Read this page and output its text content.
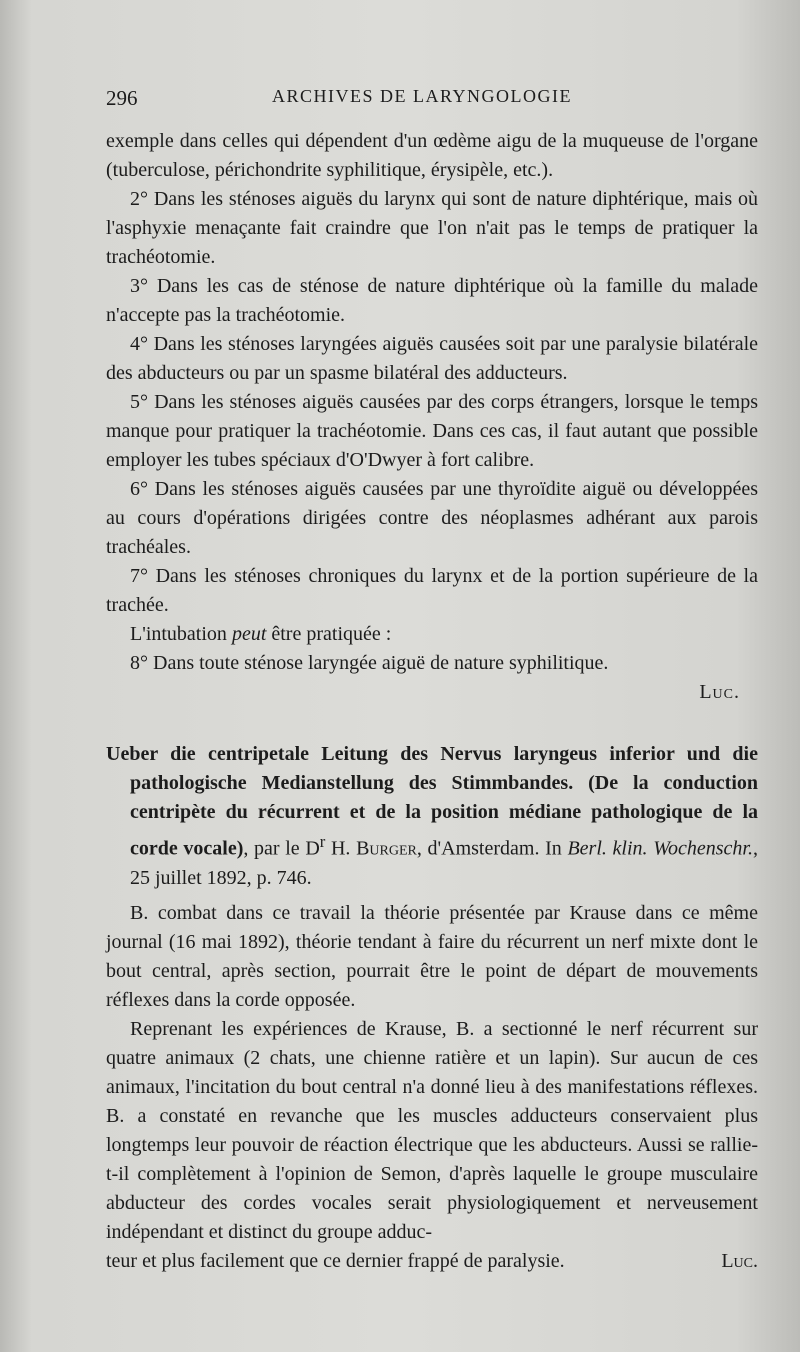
296	ARCHIVES DE LARYNGOLOGIE

exemple dans celles qui dépendent d'un œdème aigu de la muqueuse de l'organe (tuberculose, périchondrite syphilitique, érysipèle, etc.).

2° Dans les sténoses aiguës du larynx qui sont de nature diphtérique, mais où l'asphyxie menaçante fait craindre que l'on n'ait pas le temps de pratiquer la trachéotomie.

3° Dans les cas de sténose de nature diphtérique où la famille du malade n'accepte pas la trachéotomie.

4° Dans les sténoses laryngées aiguës causées soit par une paralysie bilatérale des abducteurs ou par un spasme bilatéral des adducteurs.

5° Dans les sténoses aiguës causées par des corps étrangers, lorsque le temps manque pour pratiquer la trachéotomie. Dans ces cas, il faut autant que possible employer les tubes spéciaux d'O'Dwyer à fort calibre.

6° Dans les sténoses aiguës causées par une thyroïdite aiguë ou développées au cours d'opérations dirigées contre des néoplasmes adhérant aux parois trachéales.

7° Dans les sténoses chroniques du larynx et de la portion supérieure de la trachée.

L'intubation peut être pratiquée :

8° Dans toute sténose laryngée aiguë de nature syphilitique.

Luc.

Ueber die centripetale Leitung des Nervus laryngeus inferior und die pathologische Medianstellung des Stimmbandes. (De la conduction centripète du récurrent et de la position médiane pathologique de la corde vocale), par le $D^r$ H. Burger, d'Amsterdam. In Berl. klin. Wochenschr., 25 juillet 1892, p. 746.

B. combat dans ce travail la théorie présentée par Krause dans ce même journal (16 mai 1892), théorie tendant à faire du récurrent un nerf mixte dont le bout central, après section, pourrait être le point de départ de mouvements réflexes dans la corde opposée.

Reprenant les expériences de Krause, B. a sectionné le nerf récurrent sur quatre animaux (2 chats, une chienne ratière et un lapin). Sur aucun de ces animaux, l'incitation du bout central n'a donné lieu à des manifestations réflexes. B. a constaté en revanche que les muscles adducteurs conservaient plus longtemps leur pouvoir de réaction électrique que les abducteurs. Aussi se rallie-t-il complètement à l'opinion de Semon, d'après laquelle le groupe musculaire abducteur des cordes vocales serait physiologiquement et nerveusement indépendant et distinct du groupe adduc-

teur et plus facilement que ce dernier frappé de paralysie.	Luc.
